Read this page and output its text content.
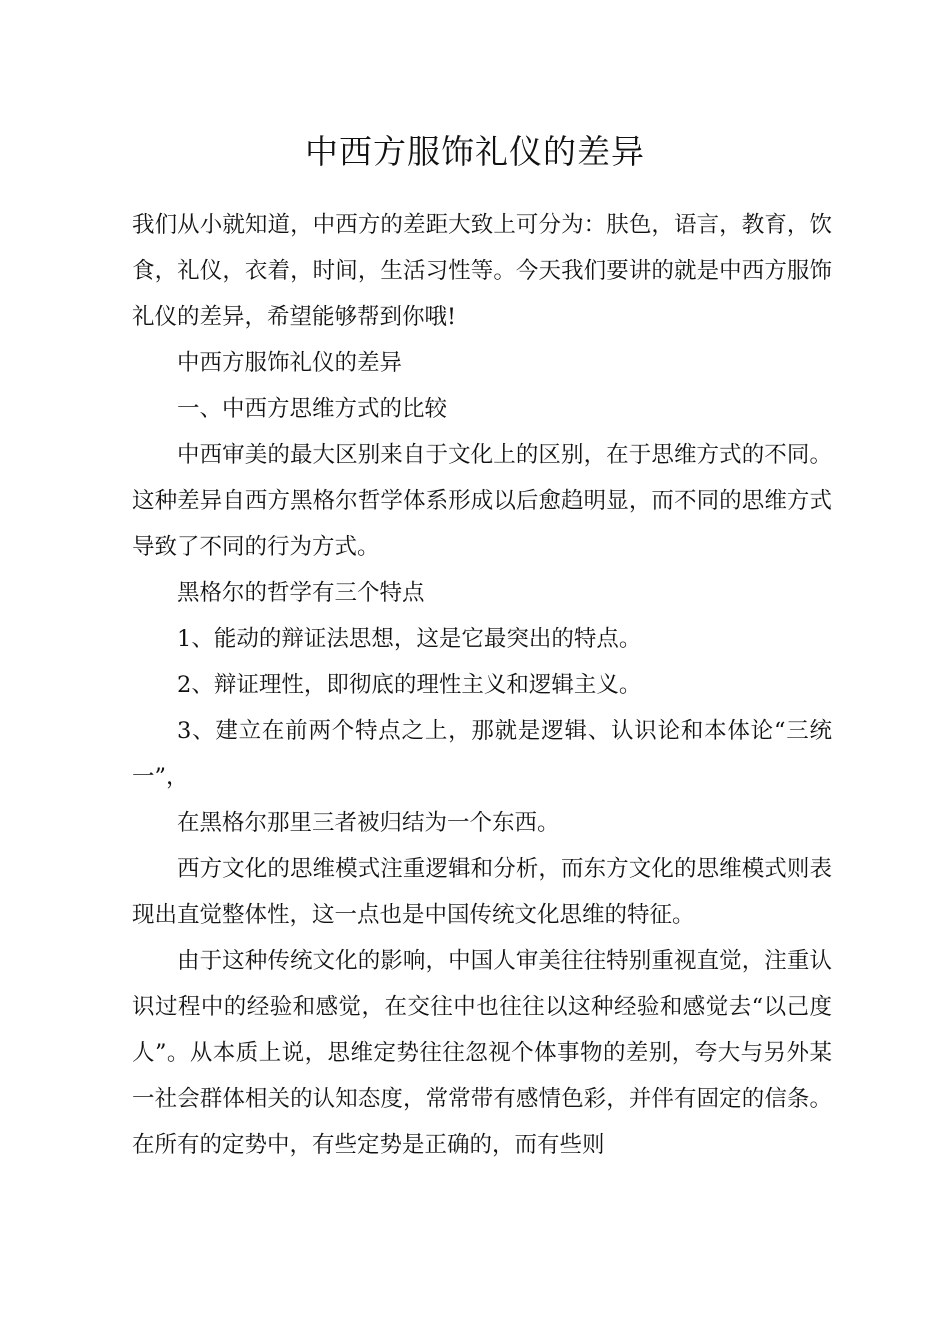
中西方服饰礼仪的差异

我们从小就知道，中西方的差距大致上可分为：肤色，语言，教育，饮食，礼仪，衣着，时间，生活习性等。今天我们要讲的就是中西方服饰礼仪的差异，希望能够帮到你哦!

中西方服饰礼仪的差异

一、中西方思维方式的比较

中西审美的最大区别来自于文化上的区别，在于思维方式的不同。这种差异自西方黑格尔哲学体系形成以后愈趋明显，而不同的思维方式导致了不同的行为方式。

黑格尔的哲学有三个特点

1、能动的辩证法思想，这是它最突出的特点。

2、辩证理性，即彻底的理性主义和逻辑主义。

3、建立在前两个特点之上，那就是逻辑、认识论和本体论“三统一”，

在黑格尔那里三者被归结为一个东西。

西方文化的思维模式注重逻辑和分析，而东方文化的思维模式则表现出直觉整体性，这一点也是中国传统文化思维的特征。

由于这种传统文化的影响，中国人审美往往特别重视直觉，注重认识过程中的经验和感觉，在交往中也往往以这种经验和感觉去“以己度人”。从本质上说，思维定势往往忽视个体事物的差别，夸大与另外某一社会群体相关的认知态度，常常带有感情色彩，并伴有固定的信条。在所有的定势中，有些定势是正确的，而有些则
